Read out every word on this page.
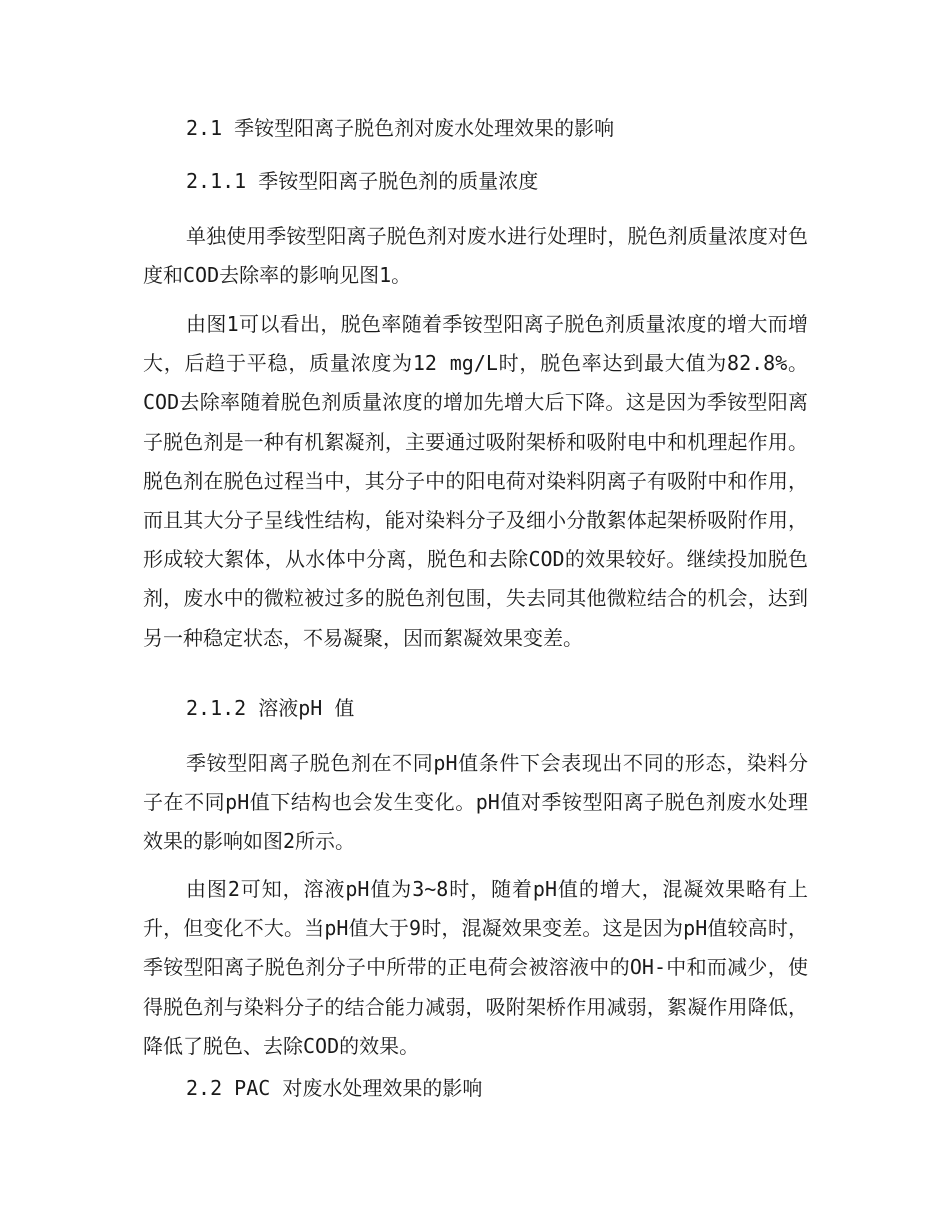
2.1 季铵型阳离子脱色剂对废水处理效果的影响
2.1.1 季铵型阳离子脱色剂的质量浓度

单独使用季铵型阳离子脱色剂对废水进行处理时，脱色剂质量浓度对色度和COD去除率的影响见图1。

由图1可以看出，脱色率随着季铵型阳离子脱色剂质量浓度的增大而增大，后趋于平稳，质量浓度为12 mg/L时，脱色率达到最大值为82.8%。COD去除率随着脱色剂质量浓度的增加先增大后下降。这是因为季铵型阳离子脱色剂是一种有机絮凝剂，主要通过吸附架桥和吸附电中和机理起作用。脱色剂在脱色过程当中，其分子中的阳电荷对染料阴离子有吸附中和作用，而且其大分子呈线性结构，能对染料分子及细小分散絮体起架桥吸附作用，形成较大絮体，从水体中分离，脱色和去除COD的效果较好。继续投加脱色剂，废水中的微粒被过多的脱色剂包围，失去同其他微粒结合的机会，达到另一种稳定状态，不易凝聚，因而絮凝效果变差。

2.1.2 溶液pH 值

季铵型阳离子脱色剂在不同pH值条件下会表现出不同的形态，染料分子在不同pH值下结构也会发生变化。pH值对季铵型阳离子脱色剂废水处理效果的影响如图2所示。

由图2可知，溶液pH值为3~8时，随着pH值的增大，混凝效果略有上升，但变化不大。当pH值大于9时，混凝效果变差。这是因为pH值较高时，季铵型阳离子脱色剂分子中所带的正电荷会被溶液中的OH-中和而减少，使得脱色剂与染料分子的结合能力减弱，吸附架桥作用减弱，絮凝作用降低，降低了脱色、去除COD的效果。

2.2 PAC 对废水处理效果的影响
